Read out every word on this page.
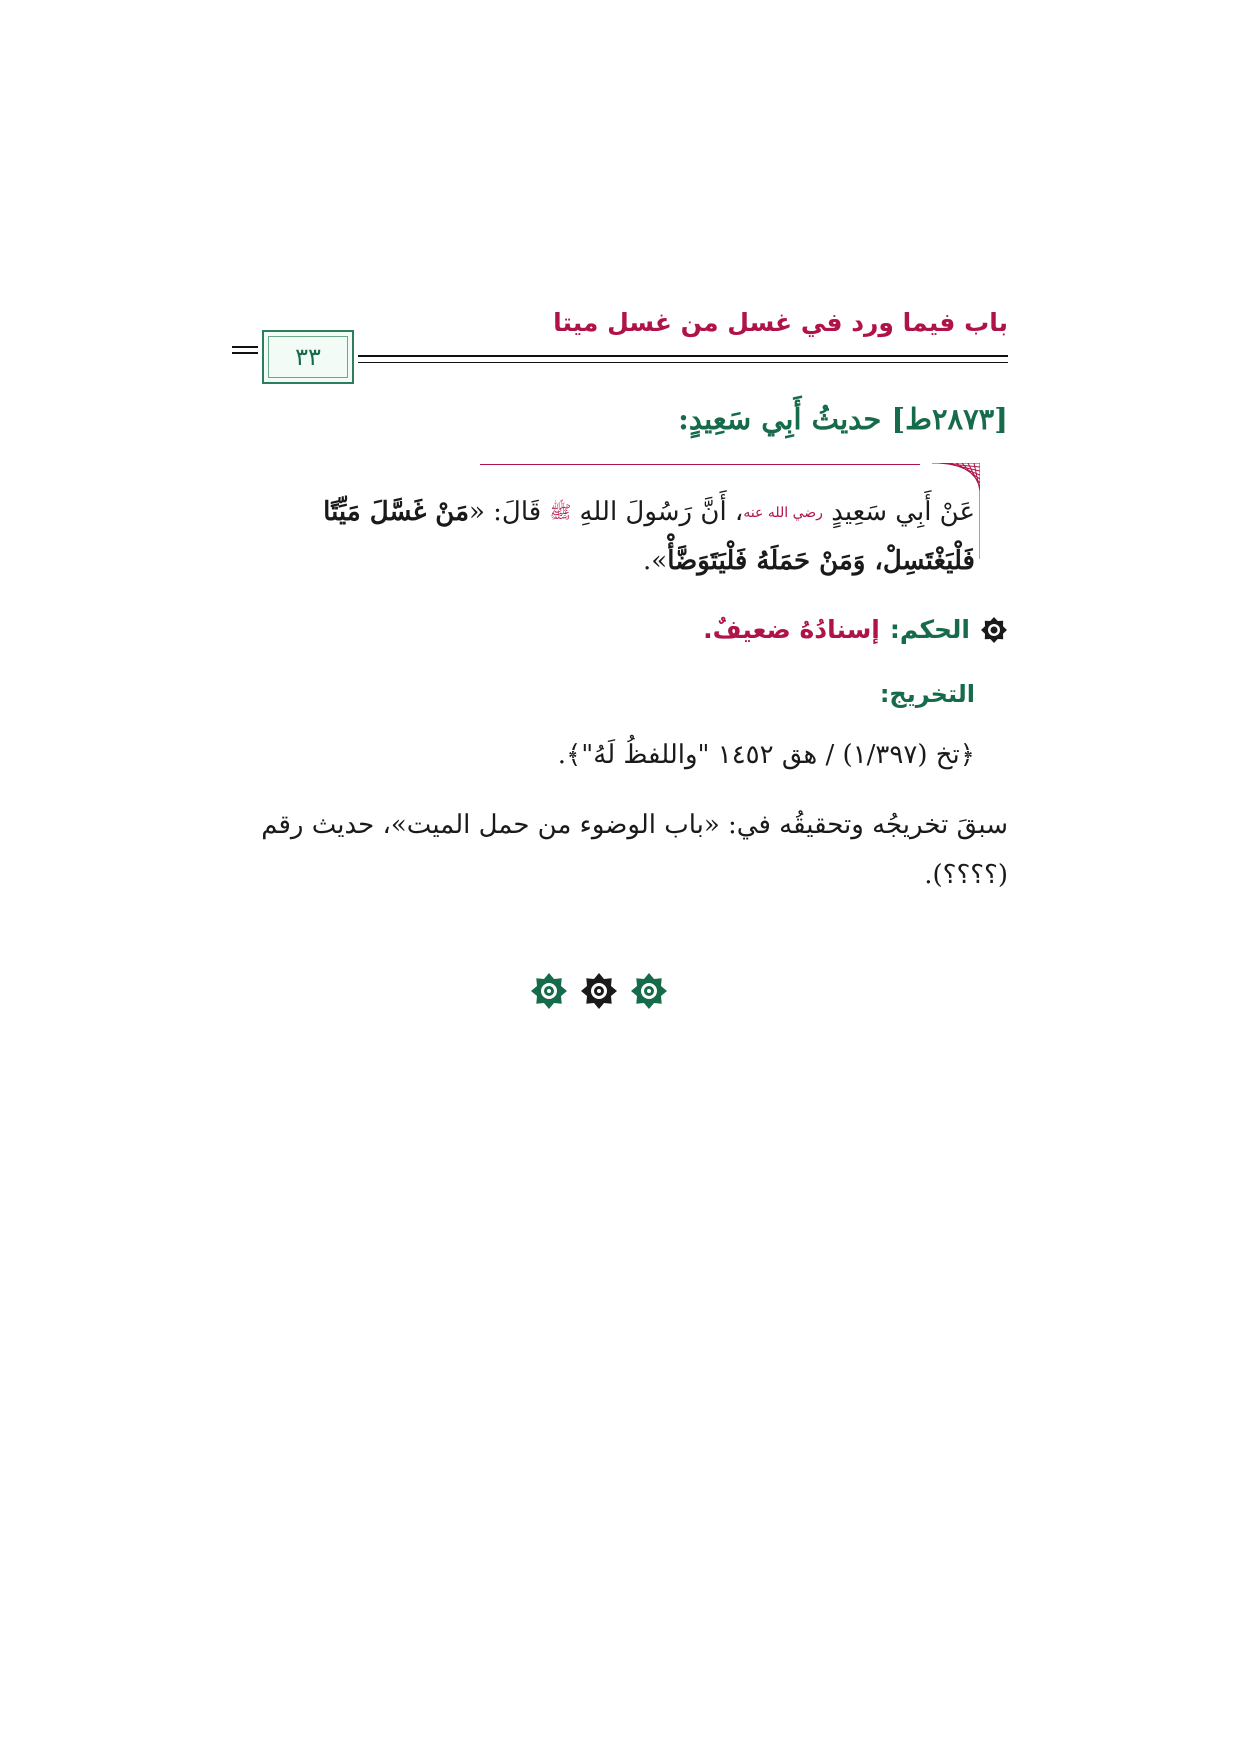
باب فيما ورد في غسل من غسل ميتا
٣٣
[٢٨٧٣ط] حديثُ أَبِي سَعِيدٍ:
عَنْ أَبِي سَعِيدٍ رضي الله عنه، أَنَّ رَسُولَ اللهِ ﷺ قَالَ: «مَنْ غَسَّلَ مَيِّتًا فَلْيَغْتَسِلْ، وَمَنْ حَمَلَهُ فَلْيَتَوَضَّأْ».
الحكم:
إسنادُهُ ضعيفٌ.
التخريج:
﴿تخ (١/٣٩٧) / هق ١٤٥٢ "واللفظُ لَهُ"﴾.
سبقَ تخريجُه وتحقيقُه في: «باب الوضوء من حمل الميت»، حديث رقم
(؟؟؟؟).
